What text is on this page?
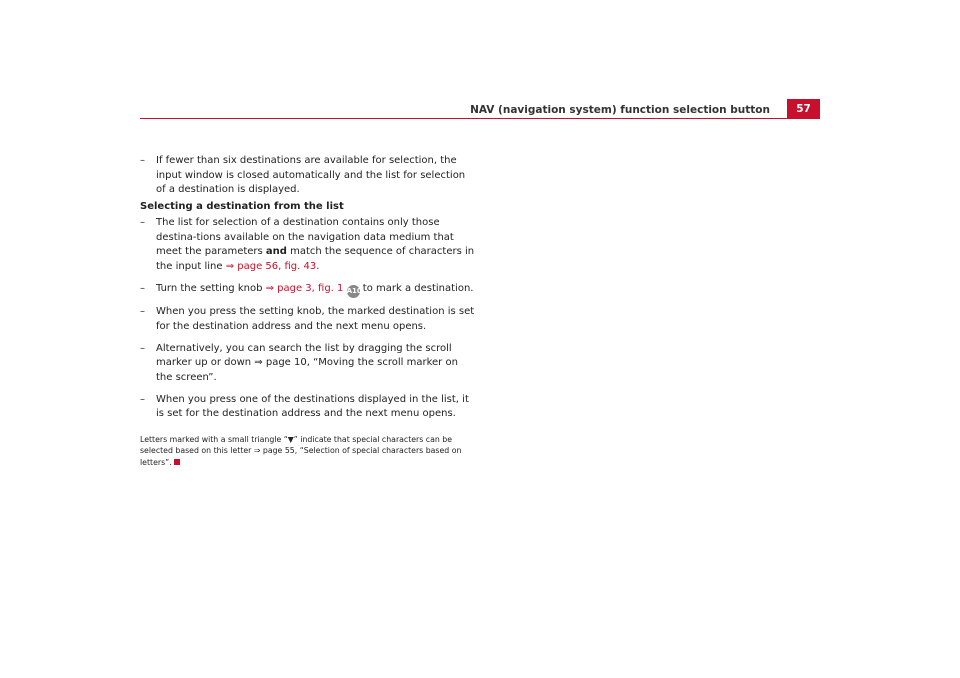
NAV (navigation system) function selection button	57
– If fewer than six destinations are available for selection, the input window is closed automatically and the list for selection of a destination is displayed.
Selecting a destination from the list
– The list for selection of a destination contains only those destina-tions available on the navigation data medium that meet the parameters and match the sequence of characters in the input line ⇒ page 56, fig. 43.
– Turn the setting knob ⇒ page 3, fig. 1 A10 to mark a destination.
– When you press the setting knob, the marked destination is set for the destination address and the next menu opens.
– Alternatively, you can search the list by dragging the scroll marker up or down ⇒ page 10, “Moving the scroll marker on the screen”.
– When you press one of the destinations displayed in the list, it is set for the destination address and the next menu opens.
Letters marked with a small triangle “▼” indicate that special characters can be selected based on this letter ⇒ page 55, “Selection of special characters based on letters”.
